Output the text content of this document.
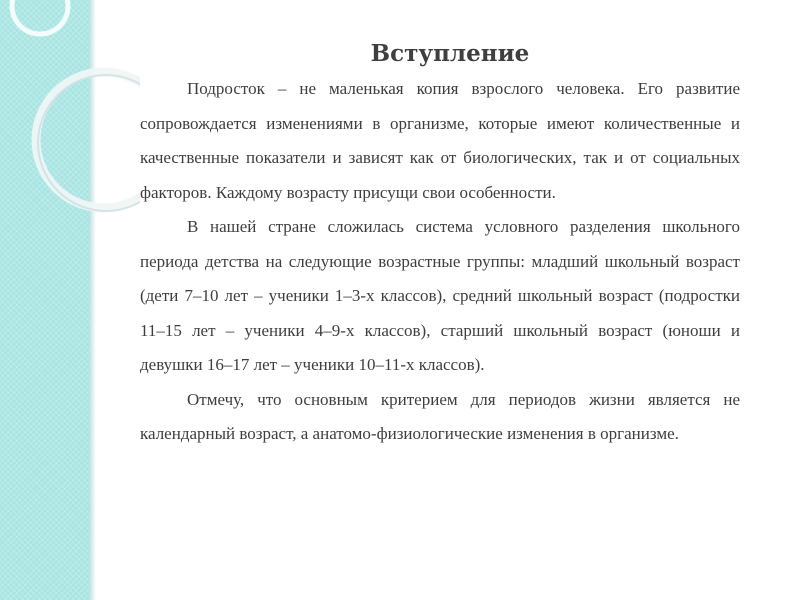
Вступление

Подросток – не маленькая копия взрослого человека. Его развитие сопровождается изменениями в организме, которые имеют количественные и качественные показатели и зависят как от биологических, так и от социальных факторов. Каждому возрасту присущи свои особенности.

В нашей стране сложилась система условного разделения школьного периода детства на следующие возрастные группы: младший школьный возраст (дети 7–10 лет – ученики 1–3-х классов), средний школьный возраст (подростки 11–15 лет – ученики 4–9-х классов), старший школьный возраст (юноши и девушки 16–17 лет – ученики 10–11-х классов).

Отмечу, что основным критерием для периодов жизни является не календарный возраст, а анатомо-физиологические изменения в организме.
